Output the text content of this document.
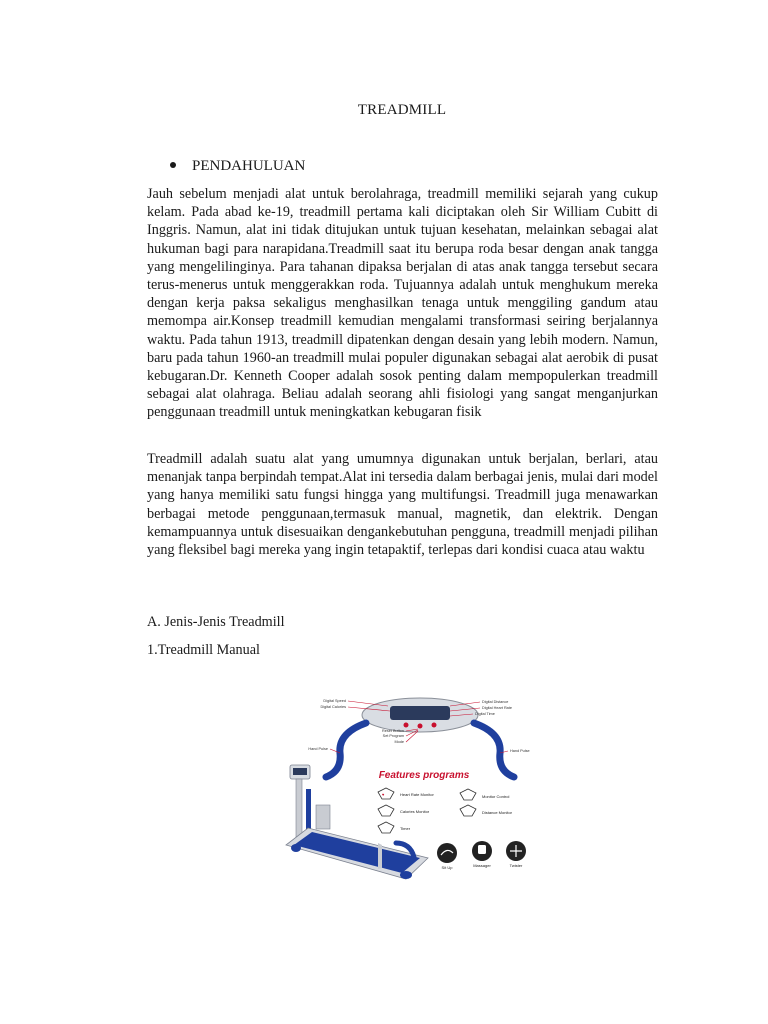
TREADMILL
PENDAHULUAN
Jauh sebelum menjadi alat untuk berolahraga, treadmill memiliki sejarah yang cukup kelam. Pada abad ke-19, treadmill pertama kali diciptakan oleh Sir William Cubitt di Inggris. Namun, alat ini tidak ditujukan untuk tujuan kesehatan, melainkan sebagai alat hukuman bagi para narapidana.Treadmill saat itu berupa roda besar dengan anak tangga yang mengelilinginya. Para tahanan dipaksa berjalan di atas anak tangga tersebut secara terus-menerus untuk menggerakkan roda. Tujuannya adalah untuk menghukum mereka dengan kerja paksa sekaligus menghasilkan tenaga untuk menggiling gandum atau memompa air.Konsep treadmill kemudian mengalami transformasi seiring berjalannya waktu. Pada tahun 1913, treadmill dipatenkan dengan desain yang lebih modern. Namun, baru pada tahun 1960-an treadmill mulai populer digunakan sebagai alat aerobik di pusat kebugaran.Dr. Kenneth Cooper adalah sosok penting dalam mempopulerkan treadmill sebagai alat olahraga. Beliau adalah seorang ahli fisiologi yang sangat menganjurkan penggunaan treadmill untuk meningkatkan kebugaran fisik
Treadmill adalah suatu alat yang umumnya digunakan untuk berjalan, berlari, atau menanjak tanpa berpindah tempat.Alat ini tersedia dalam berbagai jenis, mulai dari model yang hanya memiliki satu fungsi hingga yang multifungsi. Treadmill juga menawarkan berbagai metode penggunaan,termasuk manual, magnetik, dan elektrik. Dengan kemampuannya untuk disesuaikan dengankebutuhan pengguna, treadmill menjadi pilihan yang fleksibel bagi mereka yang ingin tetapaktif, terlepas dari kondisi cuaca atau waktu
A. Jenis-Jenis Treadmill
1.Treadmill Manual
Digital Speed
Digital Calories
Digital Distance
Digital Heart Rate
Digital Time
Reset Button
Set Program
Mode
Hand Pulse	Hand Pulse
Features programs
♥	Heart Rate Monitor
Calories Monitor
Timer
Monitor Control
Distance Monitor
Sit Up	Massager	Twister
